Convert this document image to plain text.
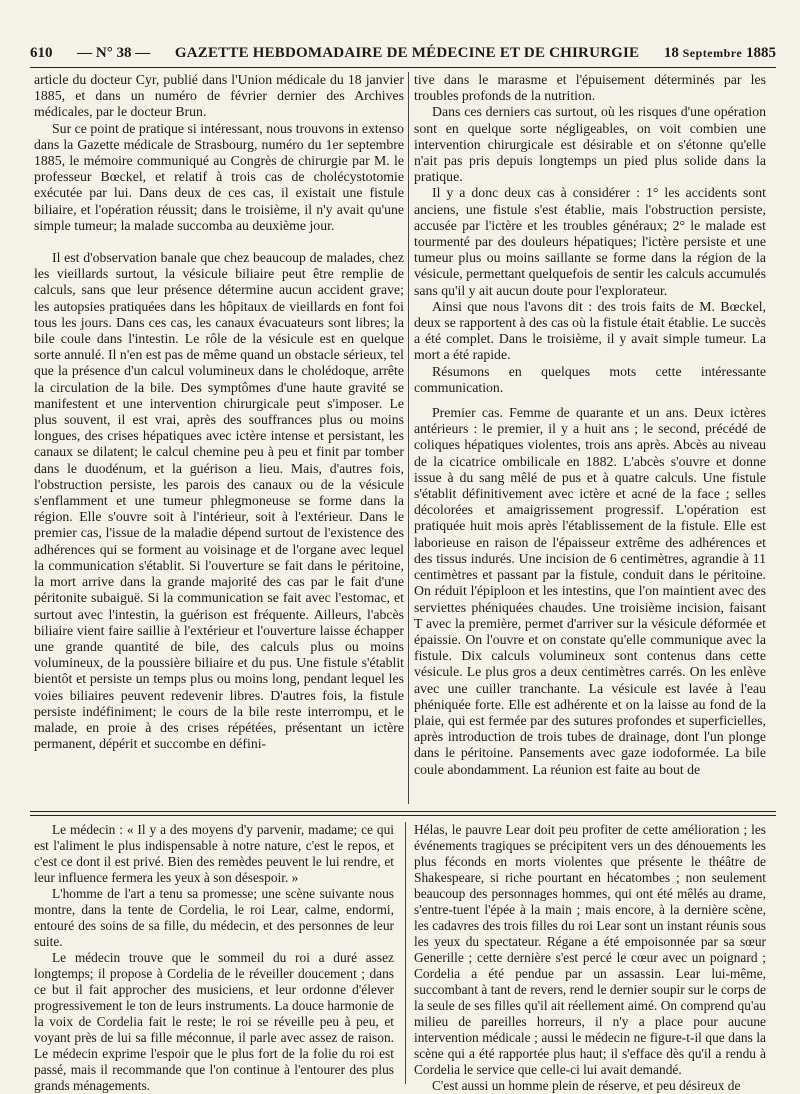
610 — N° 38 — GAZETTE HEBDOMADAIRE DE MÉDECINE ET DE CHIRURGIE 18 Septembre 1885

article du docteur Cyr, publié dans l'Union médicale du 18 janvier 1885, et dans un numéro de février dernier des Archives médicales, par le docteur Brun.

Sur ce point de pratique si intéressant, nous trouvons in extenso dans la Gazette médicale de Strasbourg, numéro du 1er septembre 1885, le mémoire communiqué au Congrès de chirurgie par M. le professeur Bœckel, et relatif à trois cas de cholécystotomie exécutée par lui. Dans deux de ces cas, il existait une fistule biliaire, et l'opération réussit; dans le troisième, il n'y avait qu'une simple tumeur; la malade succomba au deuxième jour.

Il est d'observation banale que chez beaucoup de malades, chez les vieillards surtout, la vésicule biliaire peut être remplie de calculs, sans que leur présence détermine aucun accident grave; les autopsies pratiquées dans les hôpitaux de vieillards en font foi tous les jours. Dans ces cas, les canaux évacuateurs sont libres; la bile coule dans l'intestin. Le rôle de la vésicule est en quelque sorte annulé. Il n'en est pas de même quand un obstacle sérieux, tel que la présence d'un calcul volumineux dans le cholédoque, arrête la circulation de la bile. Des symptômes d'une haute gravité se manifestent et une intervention chirurgicale peut s'imposer. Le plus souvent, il est vrai, après des souffrances plus ou moins longues, des crises hépatiques avec ictère intense et persistant, les canaux se dilatent; le calcul chemine peu à peu et finit par tomber dans le duodénum, et la guérison a lieu. Mais, d'autres fois, l'obstruction persiste, les parois des canaux ou de la vésicule s'enflamment et une tumeur phlegmoneuse se forme dans la région. Elle s'ouvre soit à l'intérieur, soit à l'extérieur. Dans le premier cas, l'issue de la maladie dépend surtout de l'existence des adhérences qui se forment au voisinage et de l'organe avec lequel la communication s'établit. Si l'ouverture se fait dans le péritoine, la mort arrive dans la grande majorité des cas par le fait d'une péritonite subaiguë. Si la communication se fait avec l'estomac, et surtout avec l'intestin, la guérison est fréquente. Ailleurs, l'abcès biliaire vient faire saillie à l'extérieur et l'ouverture laisse échapper une grande quantité de bile, des calculs plus ou moins volumineux, de la poussière biliaire et du pus. Une fistule s'établit bientôt et persiste un temps plus ou moins long, pendant lequel les voies biliaires peuvent redevenir libres. D'autres fois, la fistule persiste indéfiniment; le cours de la bile reste interrompu, et le malade, en proie à des crises répétées, présentant un ictère permanent, dépérit et succombe en défini-

tive dans le marasme et l'épuisement déterminés par les troubles profonds de la nutrition.

Dans ces derniers cas surtout, où les risques d'une opération sont en quelque sorte négligeables, on voit combien une intervention chirurgicale est désirable et on s'étonne qu'elle n'ait pas pris depuis longtemps un pied plus solide dans la pratique.

Il y a donc deux cas à considérer : 1° les accidents sont anciens, une fistule s'est établie, mais l'obstruction persiste, accusée par l'ictère et les troubles généraux; 2° le malade est tourmenté par des douleurs hépatiques; l'ictère persiste et une tumeur plus ou moins saillante se forme dans la région de la vésicule, permettant quelquefois de sentir les calculs accumulés sans qu'il y ait aucun doute pour l'explorateur.

Ainsi que nous l'avons dit : des trois faits de M. Bœckel, deux se rapportent à des cas où la fistule était établie. Le succès a été complet. Dans le troisième, il y avait simple tumeur. La mort a été rapide.

Résumons en quelques mots cette intéressante communication.

Premier cas. Femme de quarante et un ans. Deux ictères antérieurs : le premier, il y a huit ans ; le second, précédé de coliques hépatiques violentes, trois ans après. Abcès au niveau de la cicatrice ombilicale en 1882. L'abcès s'ouvre et donne issue à du sang mêlé de pus et à quatre calculs. Une fistule s'établit définitivement avec ictère et acné de la face ; selles décolorées et amaigrissement progressif. L'opération est pratiquée huit mois après l'établissement de la fistule. Elle est laborieuse en raison de l'épaisseur extrême des adhérences et des tissus indurés. Une incision de 6 centimètres, agrandie à 11 centimètres et passant par la fistule, conduit dans le péritoine. On réduit l'épiploon et les intestins, que l'on maintient avec des serviettes phéniquées chaudes. Une troisième incision, faisant T avec la première, permet d'arriver sur la vésicule déformée et épaissie. On l'ouvre et on constate qu'elle communique avec la fistule. Dix calculs volumineux sont contenus dans cette vésicule. Le plus gros a deux centimètres carrés. On les enlève avec une cuiller tranchante. La vésicule est lavée à l'eau phéniquée forte. Elle est adhérente et on la laisse au fond de la plaie, qui est fermée par des sutures profondes et superficielles, après introduction de trois tubes de drainage, dont l'un plonge dans le péritoine. Pansements avec gaze iodoformée. La bile coule abondamment. La réunion est faite au bout de

Le médecin : « Il y a des moyens d'y parvenir, madame; ce qui est l'aliment le plus indispensable à notre nature, c'est le repos, et c'est ce dont il est privé. Bien des remèdes peuvent le lui rendre, et leur influence fermera les yeux à son désespoir. »

L'homme de l'art a tenu sa promesse; une scène suivante nous montre, dans la tente de Cordelia, le roi Lear, calme, endormi, entouré des soins de sa fille, du médecin, et des personnes de leur suite.

Le médecin trouve que le sommeil du roi a duré assez longtemps; il propose à Cordelia de le réveiller doucement ; dans ce but il fait approcher des musiciens, et leur ordonne d'élever progressivement le ton de leurs instruments. La douce harmonie de la voix de Cordelia fait le reste; le roi se réveille peu à peu, et voyant près de lui sa fille méconnue, il parle avec assez de raison. Le médecin exprime l'espoir que le plus fort de la folie du roi est passé, mais il recommande que l'on continue à l'entourer des plus grands ménagements.

Hélas, le pauvre Lear doit peu profiter de cette amélioration ; les événements tragiques se précipitent vers un des dénouements les plus féconds en morts violentes que présente le théâtre de Shakespeare, si riche pourtant en hécatombes ; non seulement beaucoup des personnages hommes, qui ont été mêlés au drame, s'entre-tuent l'épée à la main ; mais encore, à la dernière scène, les cadavres des trois filles du roi Lear sont un instant réunis sous les yeux du spectateur. Régane a été empoisonnée par sa sœur Generille ; cette dernière s'est percé le cœur avec un poignard ; Cordelia a été pendue par un assassin. Lear lui-même, succombant à tant de revers, rend le dernier soupir sur le corps de la seule de ses filles qu'il ait réellement aimé. On comprend qu'au milieu de pareilles horreurs, il n'y a place pour aucune intervention médicale ; aussi le médecin ne figure-t-il que dans la scène qui a été rapportée plus haut; il s'efface dès qu'il a rendu à Cordelia le service que celle-ci lui avait demandé.

C'est aussi un homme plein de réserve, et peu désireux de
